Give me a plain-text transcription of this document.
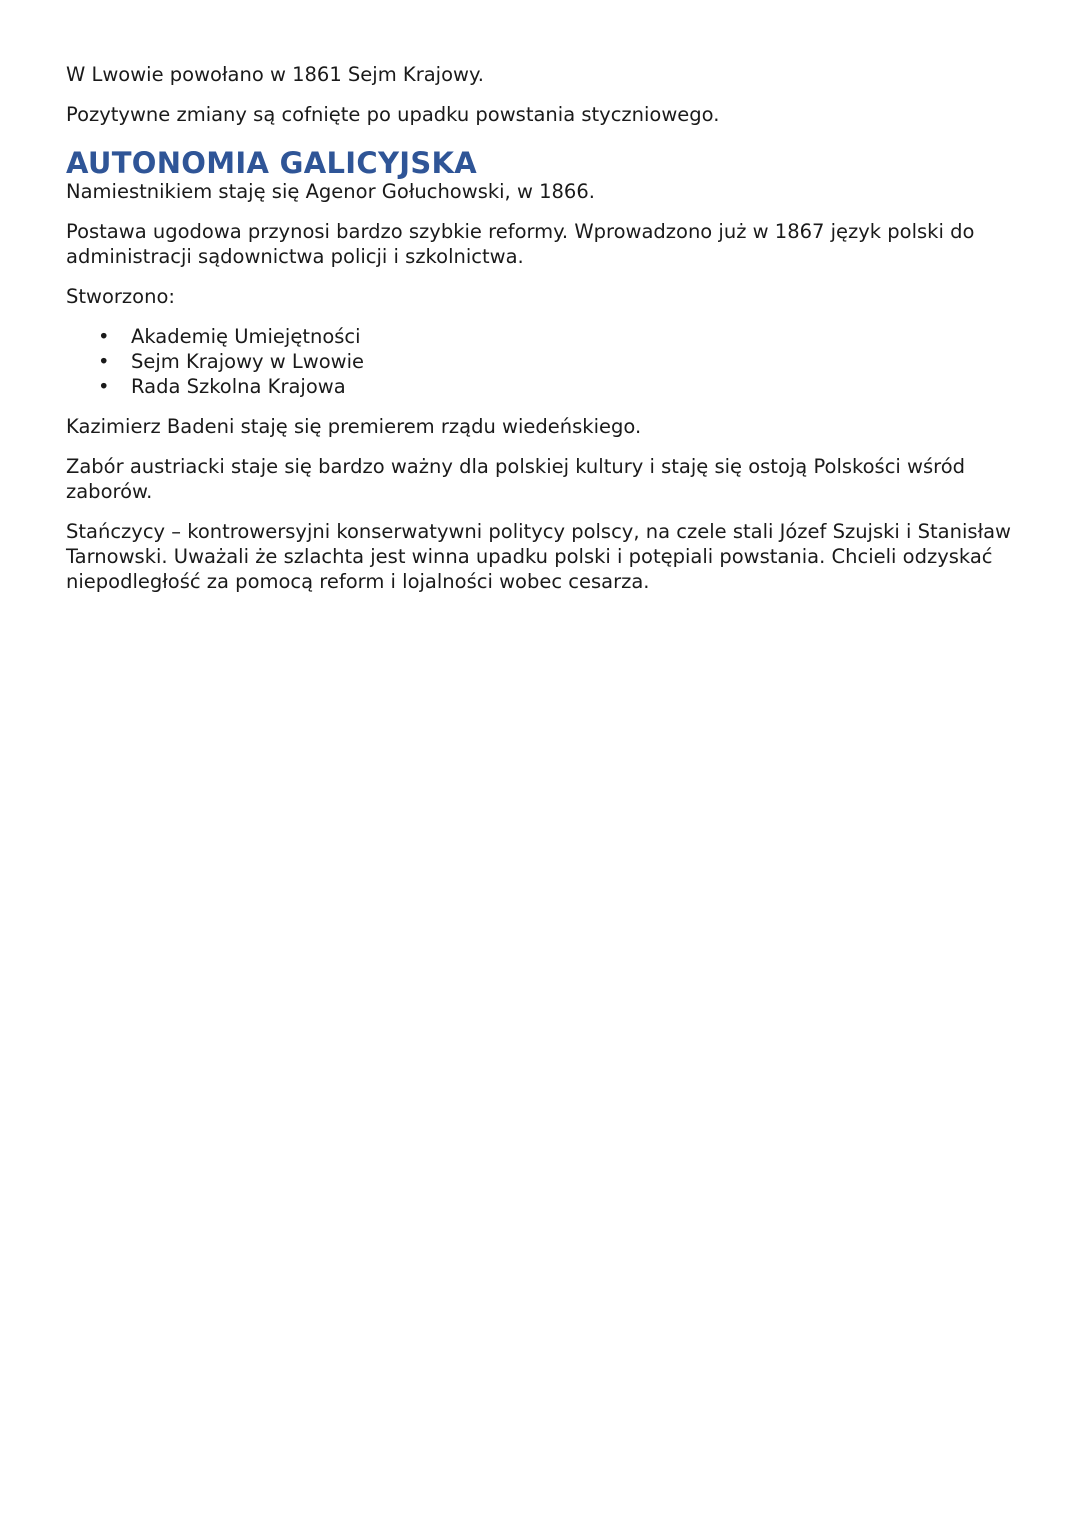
W Lwowie powołano w 1861 Sejm Krajowy.

Pozytywne zmiany są cofnięte po upadku powstania styczniowego.

AUTONOMIA GALICYJSKA

Namiestnikiem staję się Agenor Gołuchowski, w 1866.

Postawa ugodowa przynosi bardzo szybkie reformy. Wprowadzono już w 1867 język polski do administracji sądownictwa policji i szkolnictwa.

Stworzono:

• Akademię Umiejętności
• Sejm Krajowy w Lwowie
• Rada Szkolna Krajowa

Kazimierz Badeni staję się premierem rządu wiedeńskiego.

Zabór austriacki staje się bardzo ważny dla polskiej kultury i staję się ostoją Polskości wśród zaborów.

Stańczycy – kontrowersyjni konserwatywni politycy polscy, na czele stali Józef Szujski i Stanisław Tarnowski. Uważali że szlachta jest winna upadku polski i potępiali powstania. Chcieli odzyskać niepodległość za pomocą reform i lojalności wobec cesarza.
